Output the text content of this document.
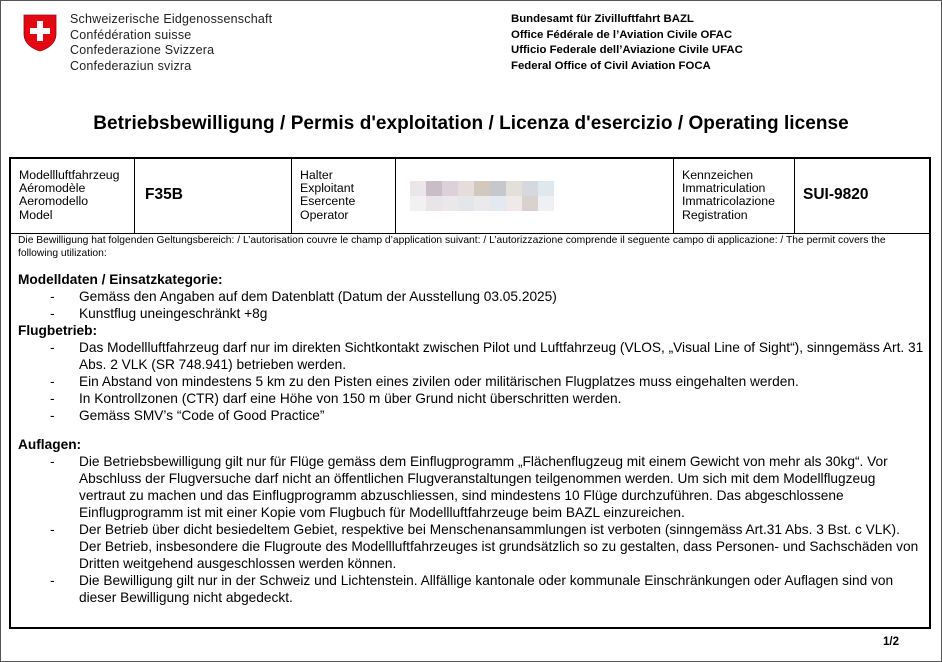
Schweizerische Eidgenossenschaft
Confédération suisse
Confederazione Svizzera
Confederaziun svizra
Bundesamt für Zivilluftfahrt BAZL
Office Fédérale de l’Aviation Civile OFAC
Ufficio Federale dell’Aviazione Civile UFAC
Federal Office of Civil Aviation FOCA
Betriebsbewilligung / Permis d'exploitation / Licenza d'esercizio / Operating license
Modellluftfahrzeug
Aéromodèle
Aeromodello
Model
F35B
Halter
Exploitant
Esercente
Operator
Kennzeichen
Immatriculation
Immatricolazione
Registration
SUI-9820
Die Bewilligung hat folgenden Geltungsbereich: / L’autorisation couvre le champ d’application suivant: / L’autorizzazione comprende il seguente campo di applicazione: / The permit covers the following utilization:
Modelldaten / Einsatzkategorie:
- Gemäss den Angaben auf dem Datenblatt (Datum der Ausstellung 03.05.2025)
- Kunstflug uneingeschränkt +8g
Flugbetrieb:
- Das Modellluftfahrzeug darf nur im direkten Sichtkontakt zwischen Pilot und Luftfahrzeug (VLOS, „Visual Line of Sight“), sinngemäss Art. 31 Abs. 2 VLK (SR 748.941) betrieben werden.
- Ein Abstand von mindestens 5 km zu den Pisten eines zivilen oder militärischen Flugplatzes muss eingehalten werden.
- In Kontrollzonen (CTR) darf eine Höhe von 150 m über Grund nicht überschritten werden.
- Gemäss SMV’s “Code of Good Practice”
Auflagen:
- Die Betriebsbewilligung gilt nur für Flüge gemäss dem Einflugprogramm „Flächenflugzeug mit einem Gewicht von mehr als 30kg“. Vor Abschluss der Flugversuche darf nicht an öffentlichen Flugveranstaltungen teilgenommen werden. Um sich mit dem Modellflugzeug vertraut zu machen und das Einflugprogramm abzuschliessen, sind mindestens 10 Flüge durchzuführen. Das abgeschlossene Einflugprogramm ist mit einer Kopie vom Flugbuch für Modellluftfahrzeuge beim BAZL einzureichen.
- Der Betrieb über dicht besiedeltem Gebiet, respektive bei Menschenansammlungen ist verboten (sinngemäss Art.31 Abs. 3 Bst. c VLK). Der Betrieb, insbesondere die Flugroute des Modellluftfahrzeuges ist grundsätzlich so zu gestalten, dass Personen- und Sachschäden von Dritten weitgehend ausgeschlossen werden können.
- Die Bewilligung gilt nur in der Schweiz und Lichtenstein. Allfällige kantonale oder kommunale Einschränkungen oder Auflagen sind von dieser Bewilligung nicht abgedeckt.
1/2
